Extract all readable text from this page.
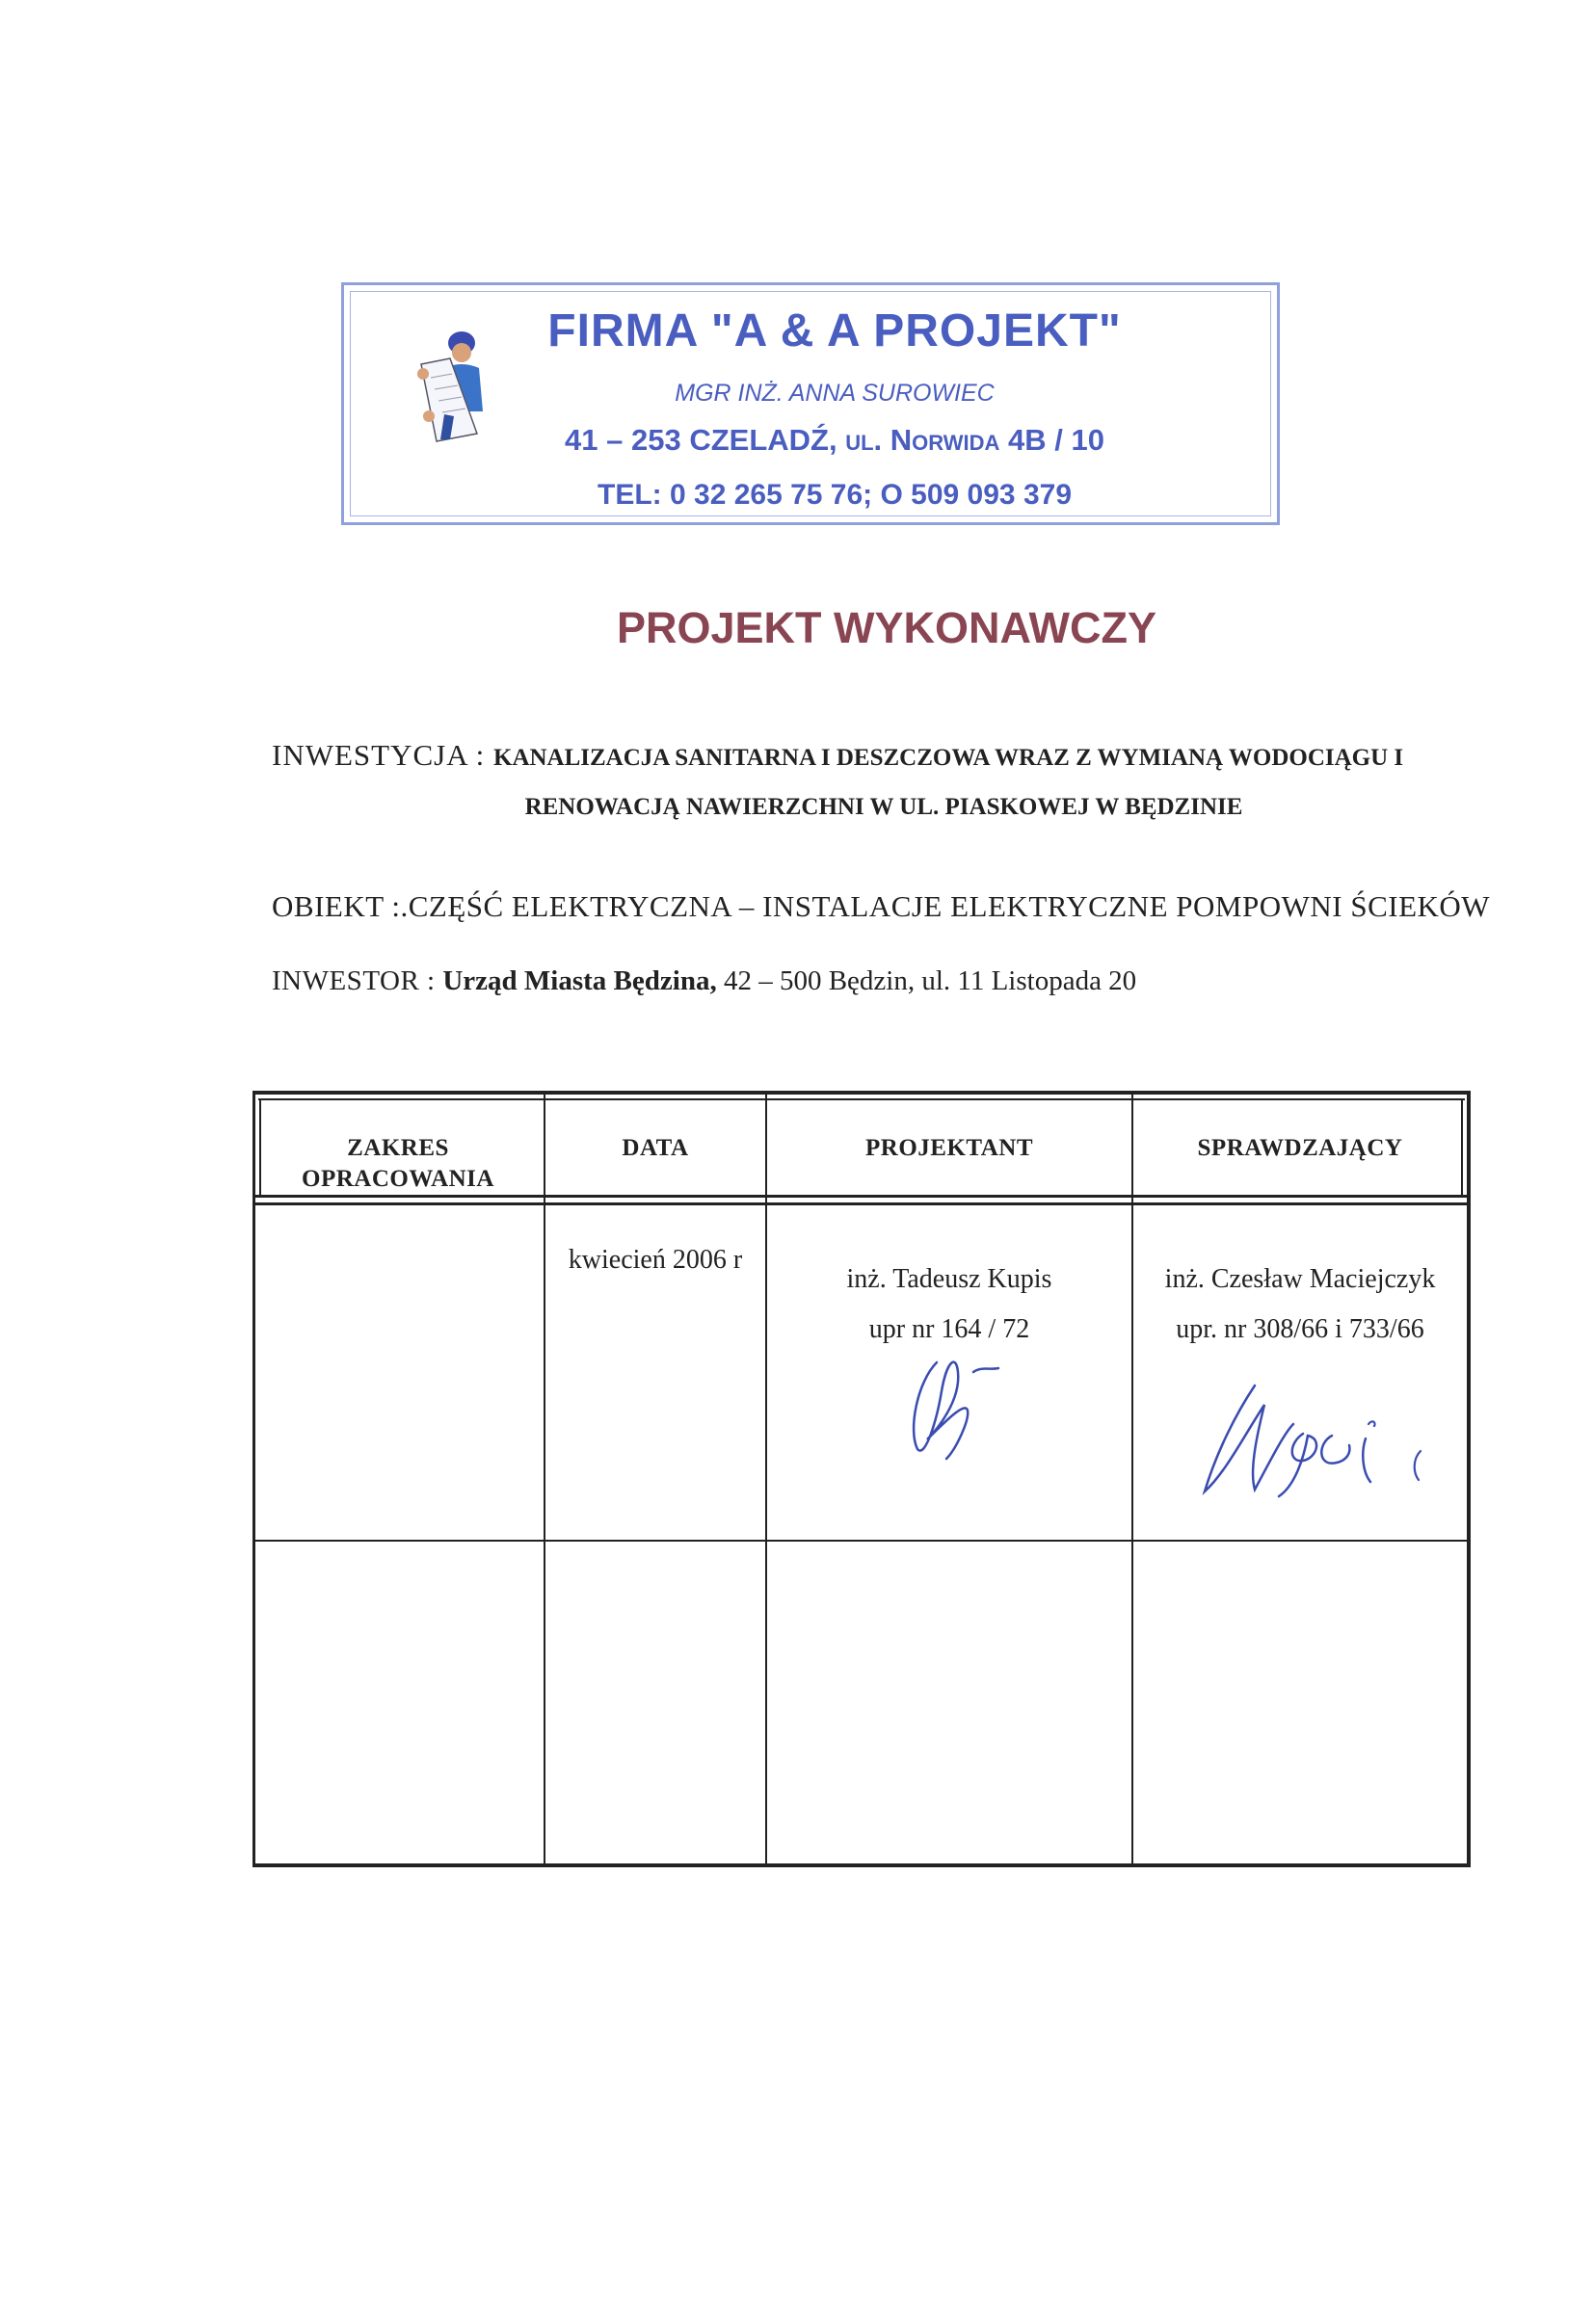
FIRMA "A & A PROJEKT"
MGR INŻ. ANNA SUROWIEC
41 – 253 CZELADŹ, ul. Norwida 4B / 10
TEL: 0 32 265 75 76; O 509 093 379
PROJEKT WYKONAWCZY
INWESTYCJA : KANALIZACJA SANITARNA I DESZCZOWA WRAZ Z WYMIANĄ WODOCIĄGU I
RENOWACJĄ NAWIERZCHNI W UL. PIASKOWEJ W BĘDZINIE
OBIEKT :.CZĘŚĆ ELEKTRYCZNA – INSTALACJE ELEKTRYCZNE POMPOWNI ŚCIEKÓW
INWESTOR : Urząd Miasta Będzina, 42 – 500 Będzin, ul. 11 Listopada 20
ZAKRES
OPRACOWANIA
DATA	PROJEKTANT	SPRAWDZAJĄCY
kwiecień 2006 r
inż. Tadeusz Kupis
upr nr 164 / 72
inż. Czesław Maciejczyk
upr. nr 308/66 i 733/66
